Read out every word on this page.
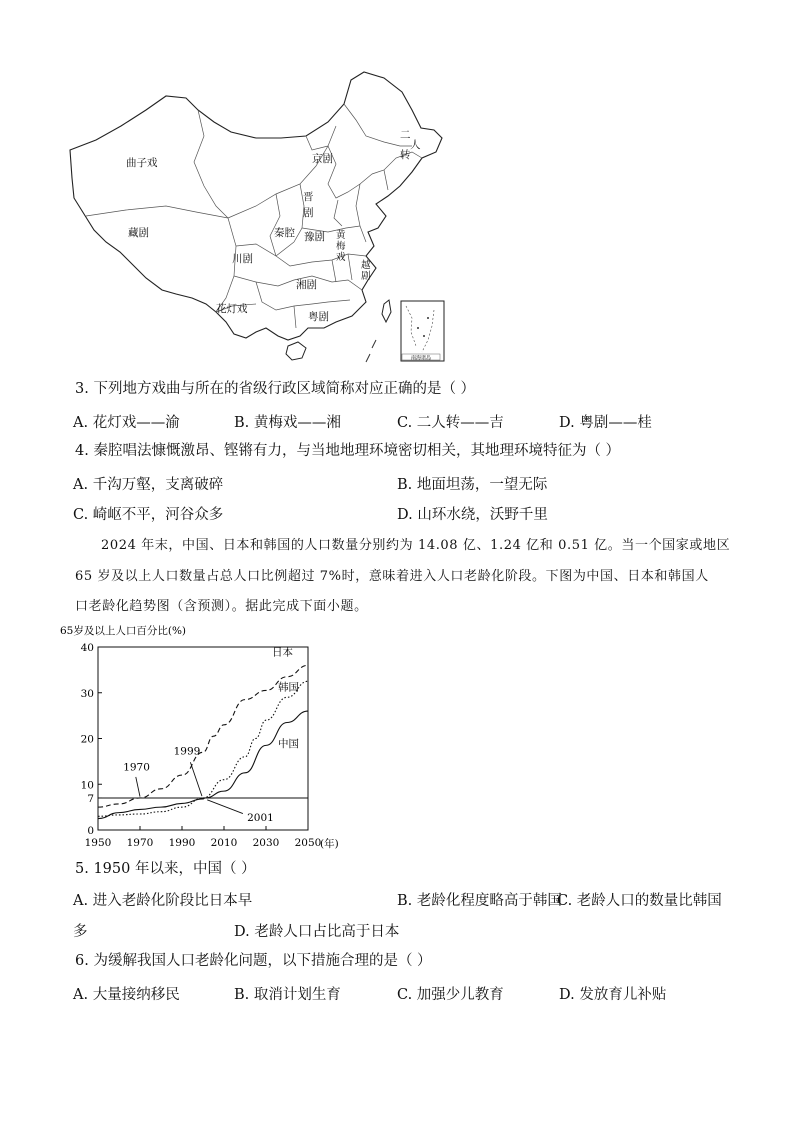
南海诸岛
曲子戏	京剧
二
人
转
晋
剧
藏剧	秦腔 豫剧 黄
梅
戏
川剧
越
剧
湘剧
花灯戏
粤剧
3. 下列地方戏曲与所在的省级行政区域简称对应正确的是（ ）
A. 花灯戏——渝	B. 黄梅戏——湘	C. 二人转——吉	D. 粤剧——桂
4. 秦腔唱法慷慨激昂、铿锵有力，与当地地理环境密切相关，其地理环境特征为（ ）
A. 千沟万壑，支离破碎	B. 地面坦荡，一望无际
C. 崎岖不平，河谷众多	D. 山环水绕，沃野千里
2024 年末，中国、日本和韩国的人口数量分别约为 14.08 亿、1.24 亿和 0.51 亿。当一个国家或地区
65 岁及以上人口数量占总人口比例超过 7%时，意味着进入人口老龄化阶段。下图为中国、日本和韩国人
口老龄化趋势图（含预测）。据此完成下面小题。
65岁及以上人口百分比(%)
(年)
0
7
10
20
30
40
1950 1970 1990 2010 2030 2050
日本
韩国
中国
1970
1999
2001
5. 1950 年以来，中国（ ）
A. 进入老龄化阶段比日本早	B. 老龄化程度略高于韩国
C. 老龄人口的数量比韩国
多	D. 老龄人口占比高于日本
6. 为缓解我国人口老龄化问题，以下措施合理的是（ ）
A. 大量接纳移民	B. 取消计划生育	C. 加强少儿教育	D. 发放育儿补贴
